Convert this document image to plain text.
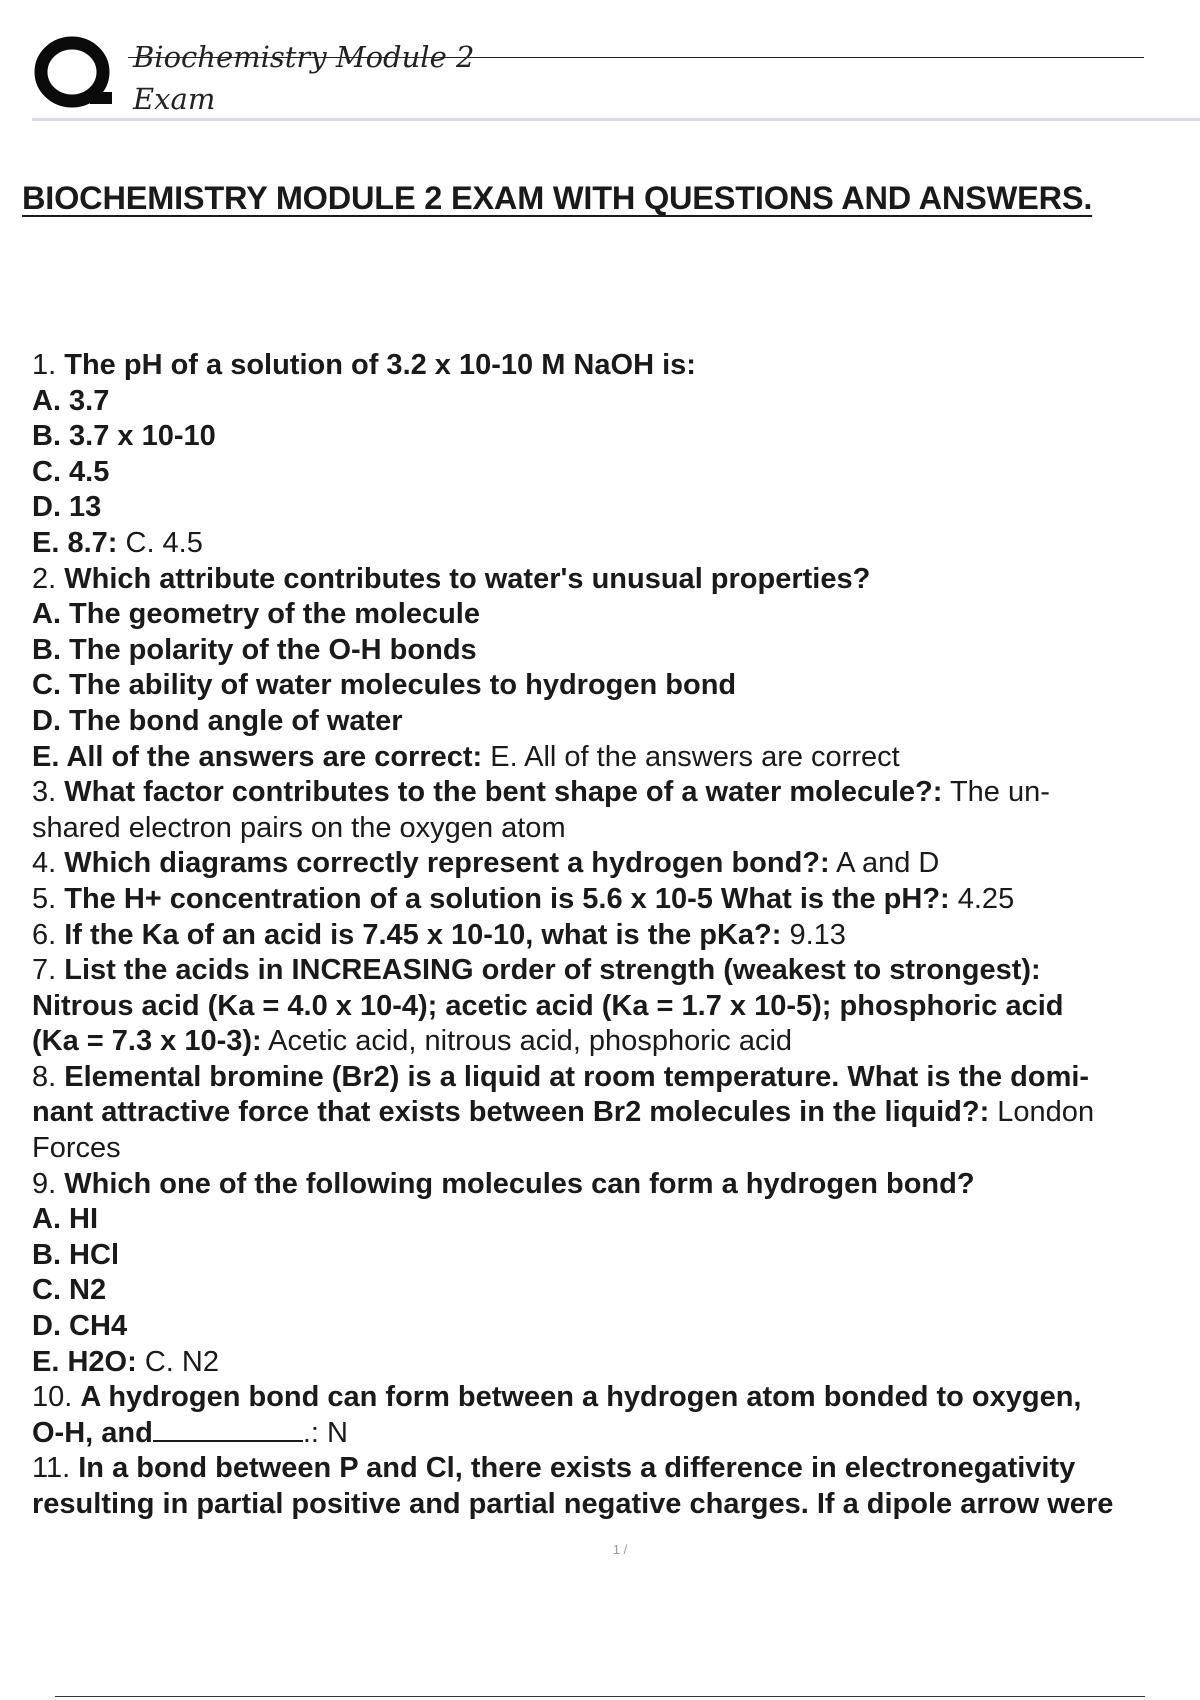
Biochemistry Module 2
Exam
BIOCHEMISTRY MODULE 2 EXAM WITH QUESTIONS AND ANSWERS.
1. The pH of a solution of 3.2 x 10-10 M NaOH is:
A. 3.7
B. 3.7 x 10-10
C. 4.5
D. 13
E. 8.7: C. 4.5
2. Which attribute contributes to water's unusual properties?
A. The geometry of the molecule
B. The polarity of the O-H bonds
C. The ability of water molecules to hydrogen bond
D. The bond angle of water
E. All of the answers are correct: E. All of the answers are correct
3. What factor contributes to the bent shape of a water molecule?: The un-
shared electron pairs on the oxygen atom
4. Which diagrams correctly represent a hydrogen bond?: A and D
5. The H+ concentration of a solution is 5.6 x 10-5 What is the pH?: 4.25
6. If the Ka of an acid is 7.45 x 10-10, what is the pKa?: 9.13
7. List the acids in INCREASING order of strength (weakest to strongest):
Nitrous acid (Ka = 4.0 x 10-4); acetic acid (Ka = 1.7 x 10-5); phosphoric acid
(Ka = 7.3 x 10-3): Acetic acid, nitrous acid, phosphoric acid
8. Elemental bromine (Br2) is a liquid at room temperature. What is the domi-
nant attractive force that exists between Br2 molecules in the liquid?: London
Forces
9. Which one of the following molecules can form a hydrogen bond?
A. HI
B. HCl
C. N2
D. CH4
E. H2O: C. N2
10. A hydrogen bond can form between a hydrogen atom bonded to oxygen,
O-H, and	.: N
11. In a bond between P and Cl, there exists a difference in electronegativity
resulting in partial positive and partial negative charges. If a dipole arrow were
1 /
